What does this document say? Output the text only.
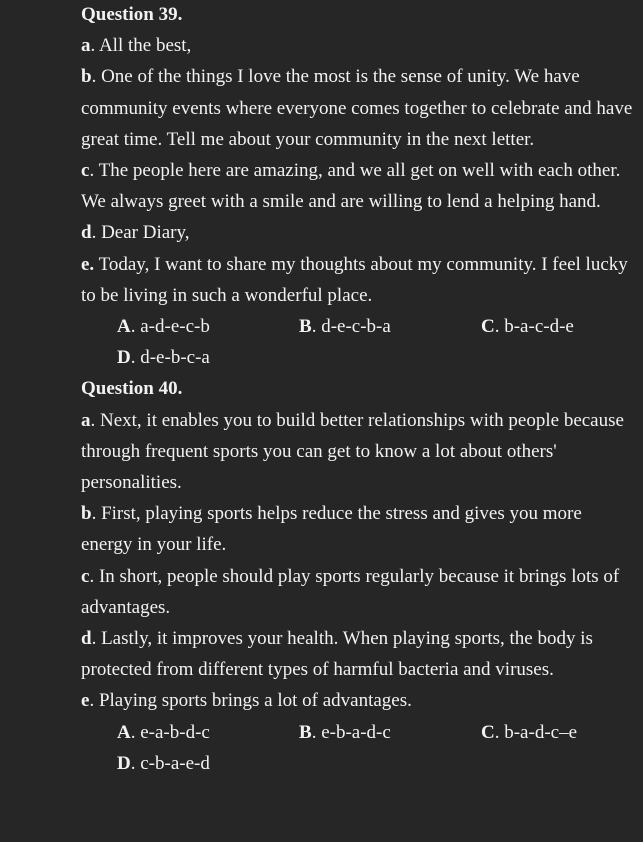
Question 39.

a. All the best,

b. One of the things I love the most is the sense of unity. We have community events where everyone comes together to celebrate and have great time. Tell me about your community in the next letter.

c. The people here are amazing, and we all get on well with each other. We always greet with a smile and are willing to lend a helping hand.

d. Dear Diary,

e. Today, I want to share my thoughts about my community. I feel lucky to be living in such a wonderful place.

A. a-d-e-c-b	B. d-e-c-b-a	C. b-a-c-d-e
D. d-e-b-c-a
Question 40.

a. Next, it enables you to build better relationships with people because through frequent sports you can get to know a lot about others' personalities.

b. First, playing sports helps reduce the stress and gives you more energy in your life.

c. In short, people should play sports regularly because it brings lots of advantages.

d. Lastly, it improves your health. When playing sports, the body is protected from different types of harmful bacteria and viruses.

e. Playing sports brings a lot of advantages.

A. e-a-b-d-c	B. e-b-a-d-c	C. b-a-d-c–e
D. c-b-a-e-d
